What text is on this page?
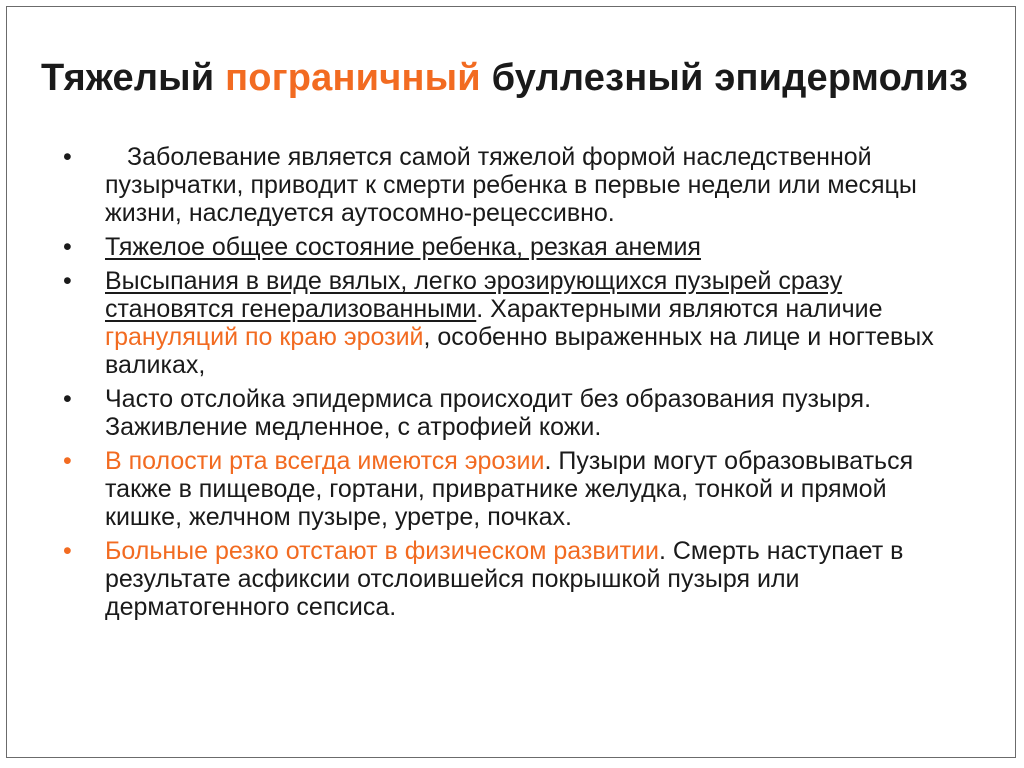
Тяжелый пограничный буллезный эпидермолиз
• Заболевание является самой тяжелой формой наследственной пузырчатки, приводит к смерти ребенка в первые недели или месяцы жизни, наследуется аутосомно-рецессивно.
• Тяжелое общее состояние ребенка, резкая анемия
• Высыпания в виде вялых, легко эрозирующихся пузырей сразу становятся генерализованными. Характерными являются наличие грануляций по краю эрозий, особенно выраженных на лице и ногтевых валиках,
• Часто отслойка эпидермиса происходит без образования пузыря. Заживление медленное, с атрофией кожи.
• В полости рта всегда имеются эрозии. Пузыри могут образовываться также в пищеводе, гортани, привратнике желудка, тонкой и прямой кишке, желчном пузыре, уретре, почках.
• Больные резко отстают в физическом развитии. Смерть наступает в результате асфиксии отслоившейся покрышкой пузыря или дерматогенного сепсиса.
